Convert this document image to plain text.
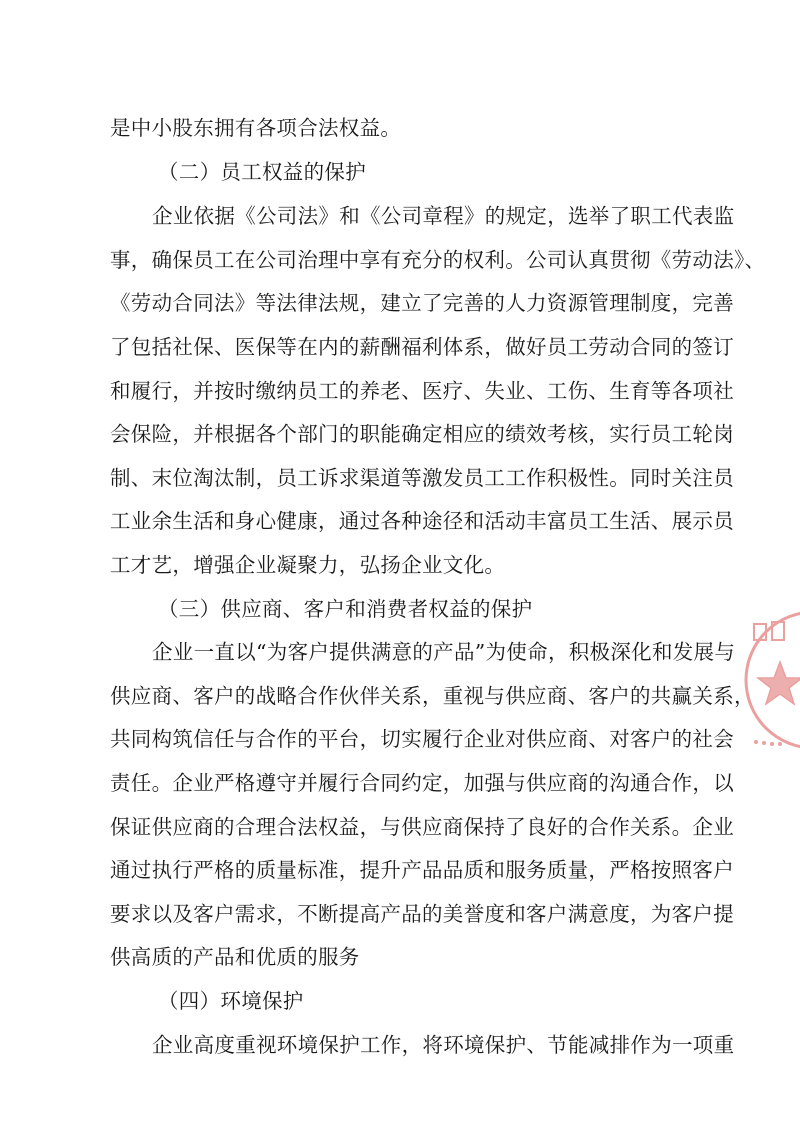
是中小股东拥有各项合法权益。
（二）员工权益的保护
企业依据《公司法》和《公司章程》的规定，选举了职工代表监
事，确保员工在公司治理中享有充分的权利。公司认真贯彻《劳动法》、
《劳动合同法》等法律法规，建立了完善的人力资源管理制度，完善
了包括社保、医保等在内的薪酬福利体系，做好员工劳动合同的签订
和履行，并按时缴纳员工的养老、医疗、失业、工伤、生育等各项社
会保险，并根据各个部门的职能确定相应的绩效考核，实行员工轮岗
制、末位淘汰制，员工诉求渠道等激发员工工作积极性。同时关注员
工业余生活和身心健康，通过各种途径和活动丰富员工生活、展示员
工才艺，增强企业凝聚力，弘扬企业文化。
（三）供应商、客户和消费者权益的保护
企业一直以“为客户提供满意的产品”为使命，积极深化和发展与
供应商、客户的战略合作伙伴关系，重视与供应商、客户的共赢关系，
共同构筑信任与合作的平台，切实履行企业对供应商、对客户的社会
责任。企业严格遵守并履行合同约定，加强与供应商的沟通合作，以
保证供应商的合理合法权益，与供应商保持了良好的合作关系。企业
通过执行严格的质量标准，提升产品品质和服务质量，严格按照客户
要求以及客户需求，不断提高产品的美誉度和客户满意度，为客户提
供高质的产品和优质的服务
（四）环境保护
企业高度重视环境保护工作，将环境保护、节能减排作为一项重
